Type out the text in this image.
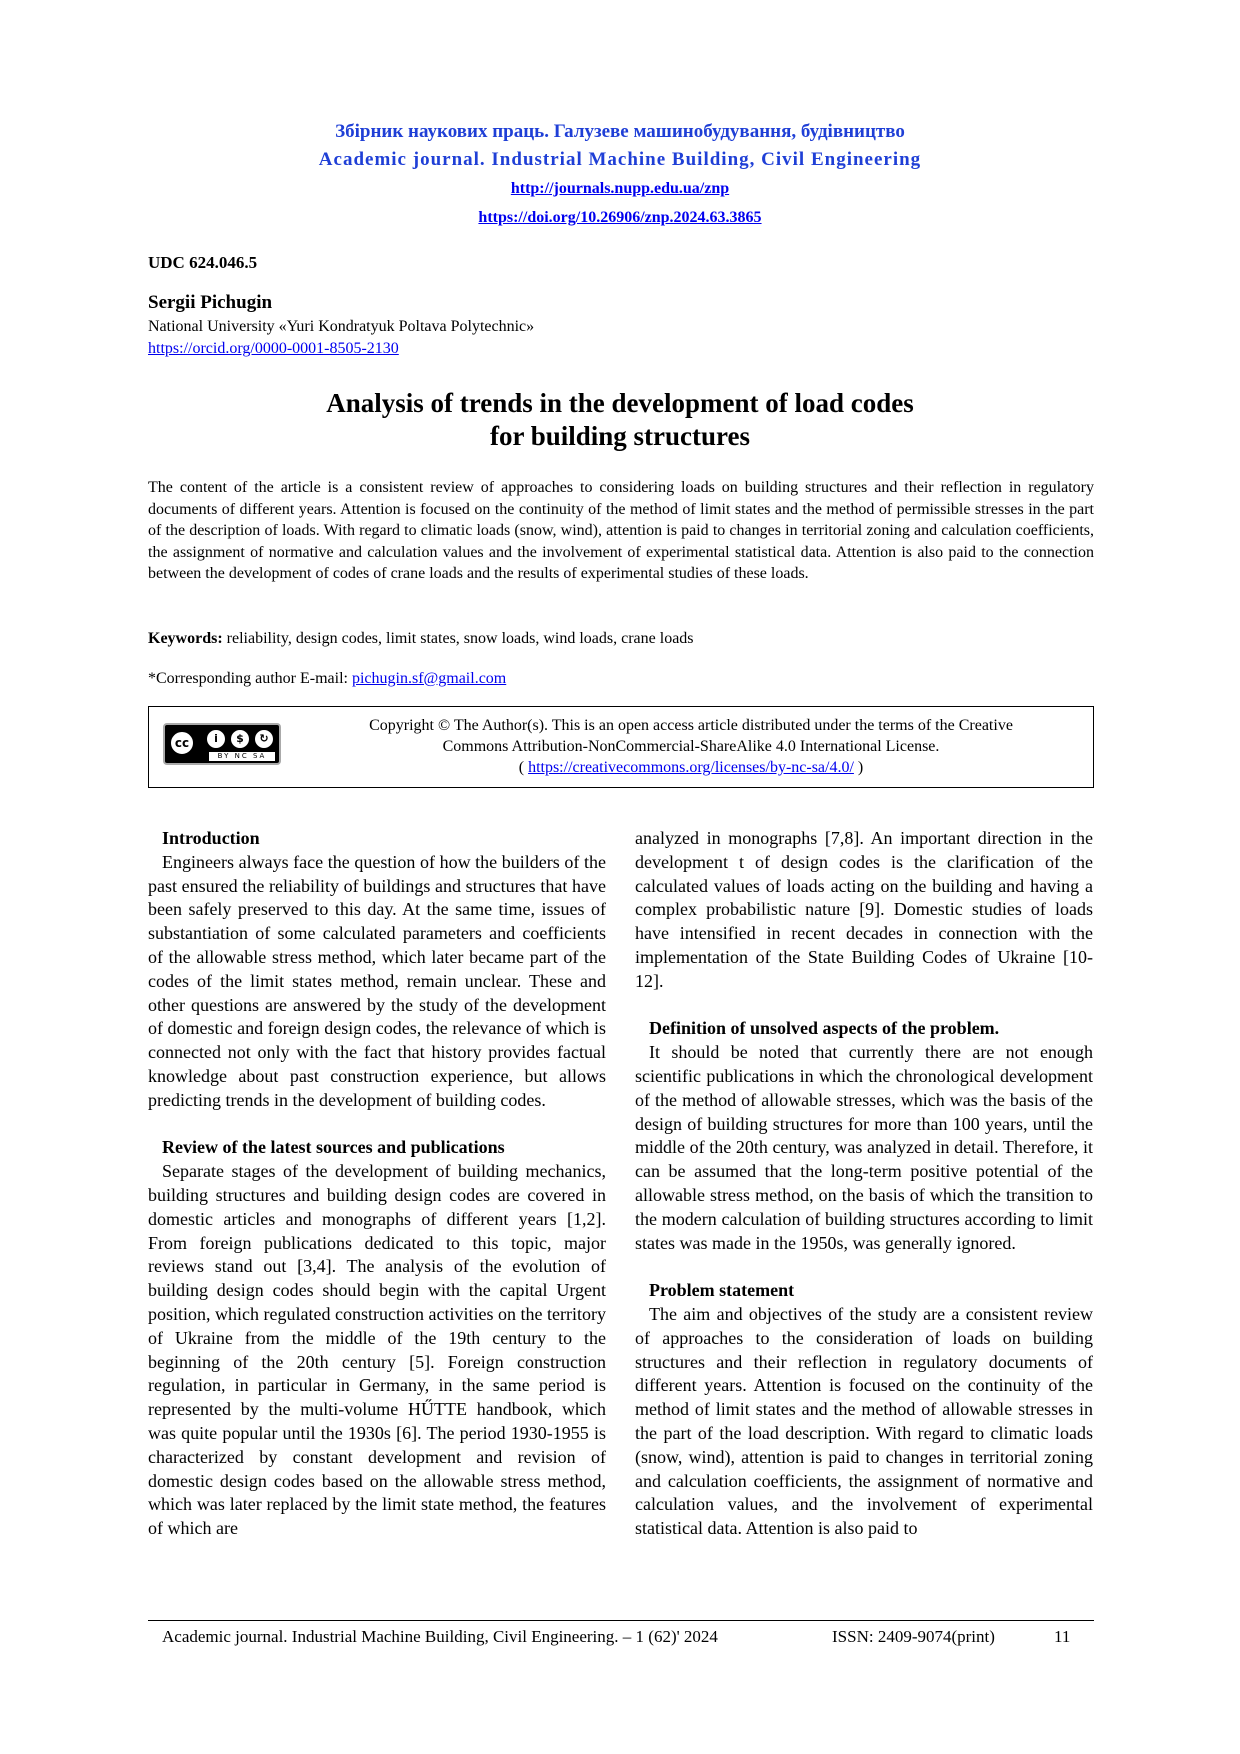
Збірник наукових праць. Галузеве машинобудування, будівництво
Academic journal. Industrial Machine Building, Civil Engineering
http://journals.nupp.edu.ua/znp
https://doi.org/10.26906/znp.2024.63.3865
UDC 624.046.5
Sergii Pichugin
National University «Yuri Kondratyuk Poltava Polytechnic»
https://orcid.org/0000-0001-8505-2130
Analysis of trends in the development of load codes
for building structures
The content of the article is a consistent review of approaches to considering loads on building structures and their reflection in regulatory documents of different years. Attention is focused on the continuity of the method of limit states and the method of permissible stresses in the part of the description of loads. With regard to climatic loads (snow, wind), attention is paid to changes in territorial zoning and calculation coefficients, the assignment of normative and calculation values and the involvement of experimental statistical data. Attention is also paid to the connection between the development of codes of crane loads and the results of experimental studies of these loads.
Keywords: reliability, design codes, limit states, snow loads, wind loads, crane loads
*Corresponding author E-mail: pichugin.sf@gmail.com
cc	i	$	↻
BY NC SA
Copyright © The Author(s). This is an open access article distributed under the terms of the Creative
Commons Attribution-NonCommercial-ShareAlike 4.0 International License.
( https://creativecommons.org/licenses/by-nc-sa/4.0/ )
Introduction

Engineers always face the question of how the builders of the past ensured the reliability of buildings and structures that have been safely preserved to this day. At the same time, issues of substantiation of some calculated parameters and coefficients of the allowable stress method, which later became part of the codes of the limit states method, remain unclear. These and other questions are answered by the study of the development of domestic and foreign design codes, the relevance of which is connected not only with the fact that history provides factual knowledge about past construction experience, but allows predicting trends in the development of building codes.

Review of the latest sources and publications

Separate stages of the development of building mechanics, building structures and building design codes are covered in domestic articles and monographs of different years [1,2]. From foreign publications dedicated to this topic, major reviews stand out [3,4]. The analysis of the evolution of building design codes should begin with the capital Urgent position, which regulated construction activities on the territory of Ukraine from the middle of the 19th century to the beginning of the 20th century [5]. Foreign construction regulation, in particular in Germany, in the same period is represented by the multi-volume HŰTTE handbook, which was quite popular until the 1930s [6]. The period 1930-1955 is characterized by constant development and revision of domestic design codes based on the allowable stress method, which was later replaced by the limit state method, the features of which are

analyzed in monographs [7,8]. An important direction in the development t of design codes is the clarification of the calculated values of loads acting on the building and having a complex probabilistic nature [9]. Domestic studies of loads have intensified in recent decades in connection with the implementation of the State Building Codes of Ukraine [10-12].

Definition of unsolved aspects of the problem.

It should be noted that currently there are not enough scientific publications in which the chronological development of the method of allowable stresses, which was the basis of the design of building structures for more than 100 years, until the middle of the 20th century, was analyzed in detail. Therefore, it can be assumed that the long-term positive potential of the allowable stress method, on the basis of which the transition to the modern calculation of building structures according to limit states was made in the 1950s, was generally ignored.

Problem statement

The aim and objectives of the study are a consistent review of approaches to the consideration of loads on building structures and their reflection in regulatory documents of different years. Attention is focused on the continuity of the method of limit states and the method of allowable stresses in the part of the load description. With regard to climatic loads (snow, wind), attention is paid to changes in territorial zoning and calculation coefficients, the assignment of normative and calculation values, and the involvement of experimental statistical data. Attention is also paid to

Academic journal. Industrial Machine Building, Civil Engineering. – 1 (62)' 2024	ISSN: 2409-9074(print)	11
